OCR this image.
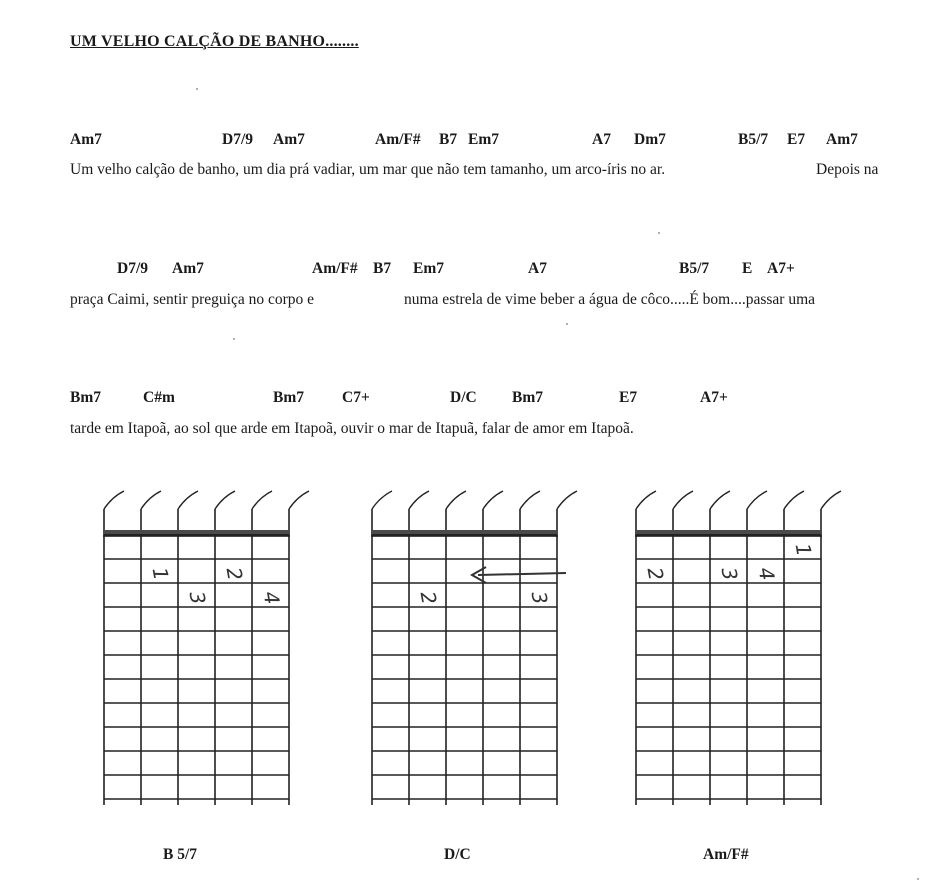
UM VELHO CALÇÃO DE BANHO........
Am7	D7/9 Am7	Am/F# B7 Em7	A7 Dm7	B5/7 E7 Am7
Um velho calção de banho, um dia prá vadiar, um mar que não tem tamanho, um arco-íris no ar.	Depois na
D7/9 Am7	Am/F# B7 Em7	A7	B5/7 E A7+
praça Caimi, sentir preguiça no corpo e	numa estrela de vime beber a água de côco.....É bom....passar uma
Bm7	C#m	Bm7 C7+	D/C Bm7	E7	A7+
tarde em Itapoã, ao sol que arde em Itapoã, ouvir o mar de Itapuã, falar de amor em Itapoã.
1 2
3 4	2	3
2 3 4
1
B 5/7	D/C	Am/F#
